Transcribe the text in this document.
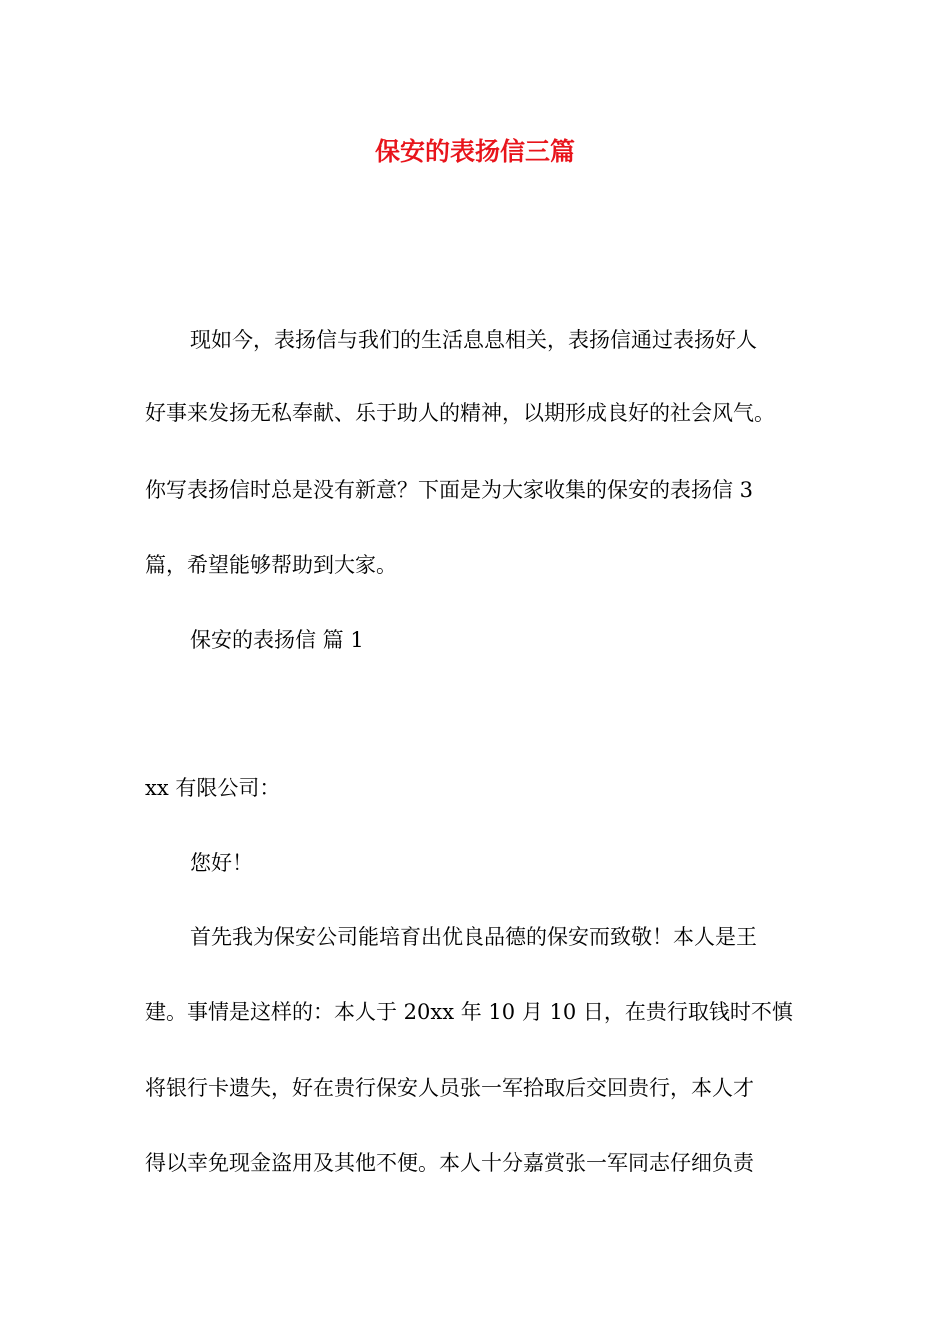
保安的表扬信三篇

现如今，表扬信与我们的生活息息相关，表扬信通过表扬好人

好事来发扬无私奉献、乐于助人的精神，以期形成良好的社会风气。

你写表扬信时总是没有新意？下面是为大家收集的保安的表扬信 3

篇，希望能够帮助到大家。

保安的表扬信 篇 1

xx 有限公司：

您好！

首先我为保安公司能培育出优良品德的保安而致敬！本人是王

建。事情是这样的：本人于 20xx 年 10 月 10 日，在贵行取钱时不慎

将银行卡遗失，好在贵行保安人员张一军拾取后交回贵行，本人才

得以幸免现金盗用及其他不便。本人十分嘉赏张一军同志仔细负责
